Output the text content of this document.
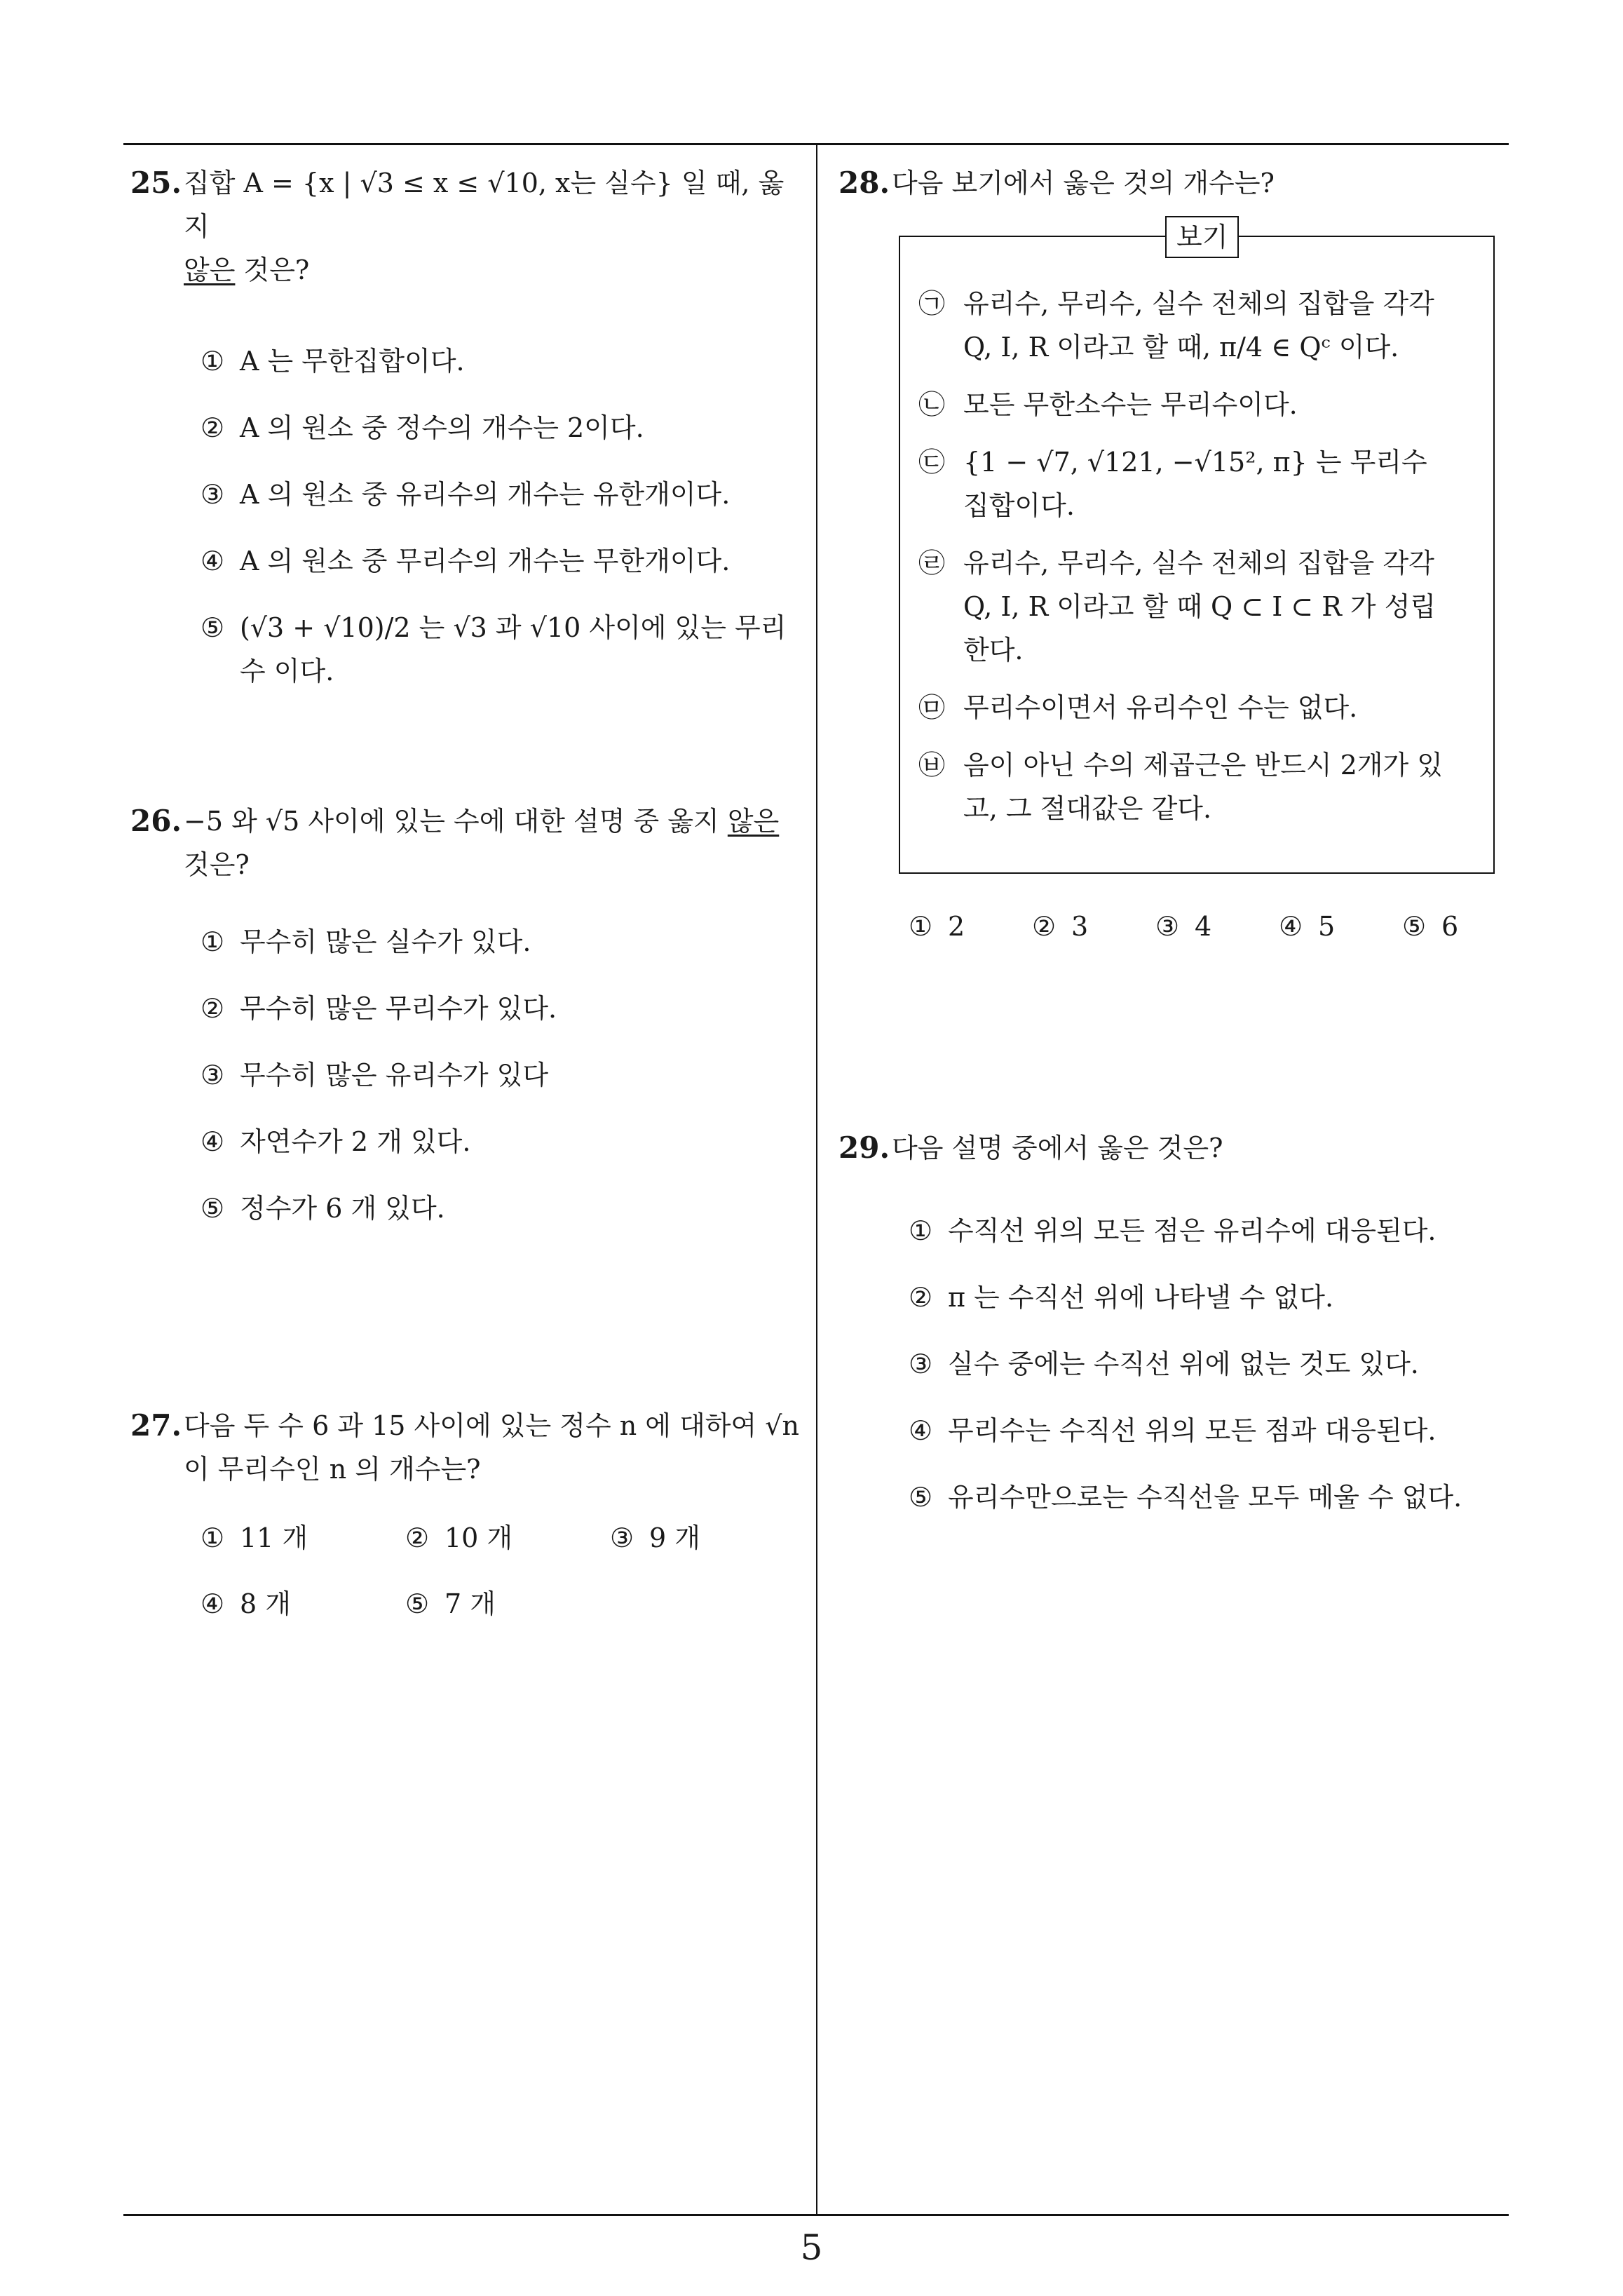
25. 집합 A = {x | √3 ≤ x ≤ √10, x는 실수} 일 때, 옳지
않은 것은?
① A 는 무한집합이다.
② A 의 원소 중 정수의 개수는 2이다.
③ A 의 원소 중 유리수의 개수는 유한개이다.
④ A 의 원소 중 무리수의 개수는 무한개이다.
⑤ (√3 + √10)/2 는 √3 과 √10 사이에 있는 무리수 이다.
26. −5 와 √5 사이에 있는 수에 대한 설명 중 옳지 않은
것은?
① 무수히 많은 실수가 있다.
② 무수히 많은 무리수가 있다.
③ 무수히 많은 유리수가 있다
④ 자연수가 2 개 있다.
⑤ 정수가 6 개 있다.
27. 다음 두 수 6 과 15 사이에 있는 정수 n 에 대하여 √n
이 무리수인 n 의 개수는?
① 11 개	② 10 개	③ 9 개
④ 8 개	⑤ 7 개
28. 다음 보기에서 옳은 것의 개수는?
보기
㉠ 유리수, 무리수, 실수 전체의 집합을 각각 Q, I, R 이라고 할 때, π/4 ∈ Qᶜ 이다.
㉡ 모든 무한소수는 무리수이다.
㉢ {1 − √7, √121, −√15², π} 는 무리수 집합이다.
㉣ 유리수, 무리수, 실수 전체의 집합을 각각 Q, I, R 이라고 할 때 Q ⊂ I ⊂ R 가 성립한다.
㉤ 무리수이면서 유리수인 수는 없다.
㉥ 음이 아닌 수의 제곱근은 반드시 2개가 있고, 그 절대값은 같다.
① 2	② 3	③ 4	④ 5	⑤ 6
29. 다음 설명 중에서 옳은 것은?
① 수직선 위의 모든 점은 유리수에 대응된다.
② π 는 수직선 위에 나타낼 수 없다.
③ 실수 중에는 수직선 위에 없는 것도 있다.
④ 무리수는 수직선 위의 모든 점과 대응된다.
⑤ 유리수만으로는 수직선을 모두 메울 수 없다.
5
